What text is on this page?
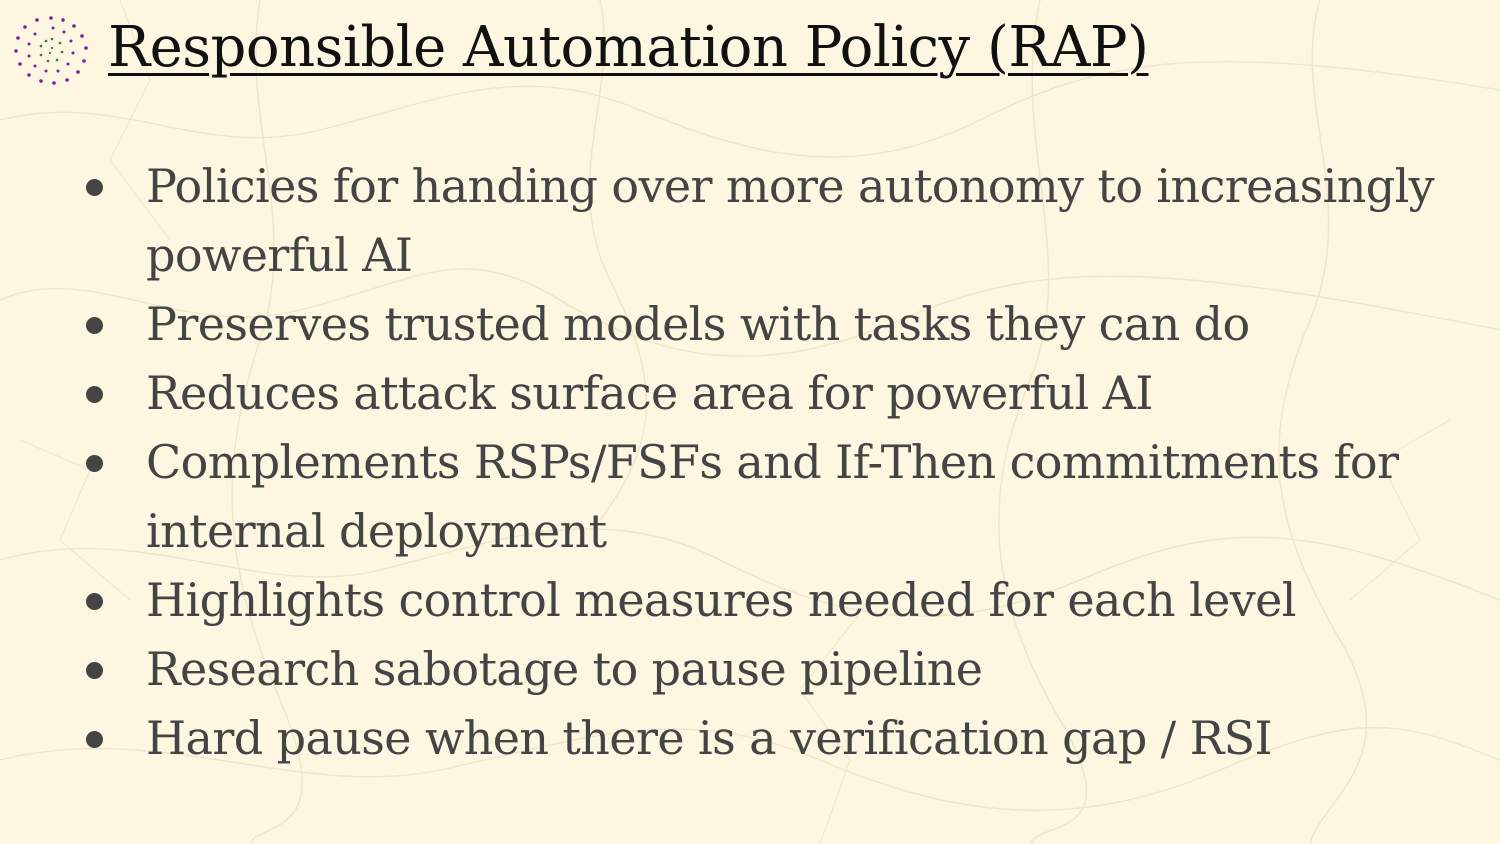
Responsible Automation Policy (RAP)
Policies for handing over more autonomy to increasingly powerful AI
Preserves trusted models with tasks they can do
Reduces attack surface area for powerful AI
Complements RSPs/FSFs and If-Then commitments for internal deployment
Highlights control measures needed for each level
Research sabotage to pause pipeline
Hard pause when there is a verification gap / RSI
